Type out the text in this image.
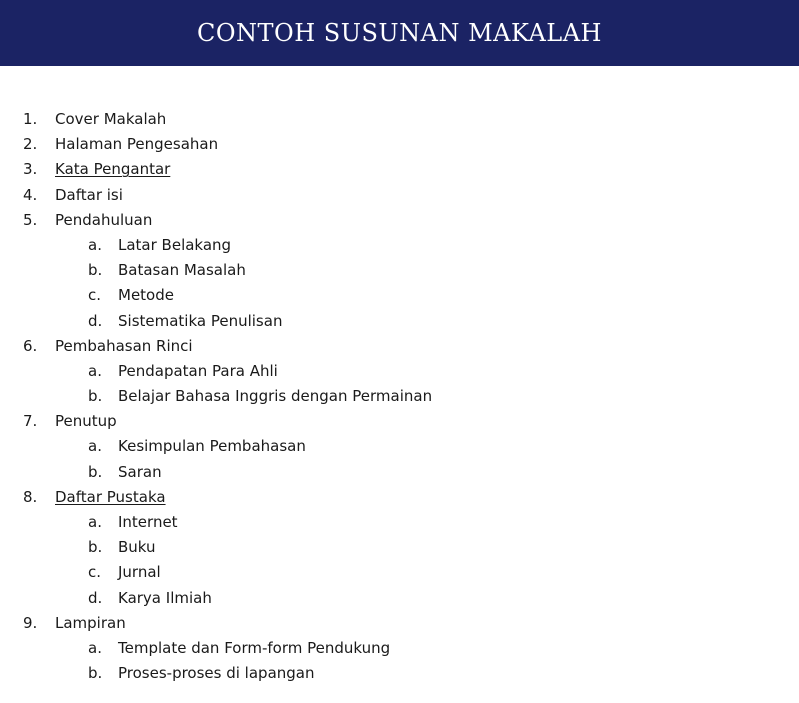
CONTOH SUSUNAN MAKALAH
1. Cover Makalah
2. Halaman Pengesahan
3. Kata Pengantar
4. Daftar isi
5. Pendahuluan
a. Latar Belakang
b. Batasan Masalah
c. Metode
d. Sistematika Penulisan
6. Pembahasan Rinci
a. Pendapatan Para Ahli
b. Belajar Bahasa Inggris dengan Permainan
7. Penutup
a. Kesimpulan Pembahasan
b. Saran
8. Daftar Pustaka
a. Internet
b. Buku
c. Jurnal
d. Karya Ilmiah
9. Lampiran
a. Template dan Form-form Pendukung
b. Proses-proses di lapangan
